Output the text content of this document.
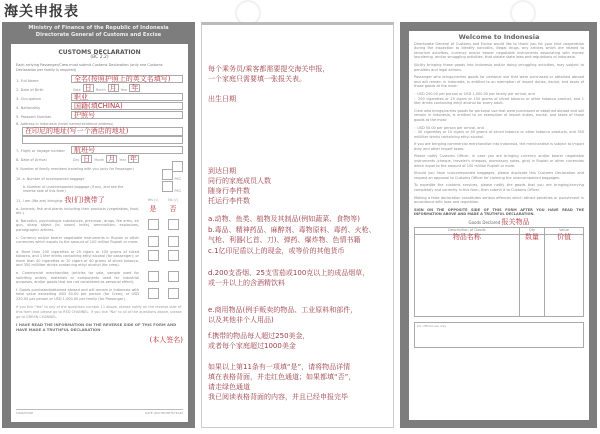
海关申报表
Ministry of Finance of the Republic of Indonesia
Directorate General of Customs and Excise
CUSTOMS DECLARATION
(BC 2.2)
Each arriving Passenger/Crew must submit Customs Declaration (only one Customs Declaration per family is required)
1. Full Name	全名(按照护照上的英文名填写)
2. Date of Birth	Date 日 Month 月 Year 年
3. Occupation	职业
4. Nationality	国籍(填CHINA)
5. Passport Number	护照号
6. Address in Indonesia (hotel name/residence address)
在印尼的地址(写一个酒店的地址)
7. Flight or Voyage number	航班号
8. Date of Arrival	Day 日 Month 月 Year 年
9. Number of family members traveling with you (only for Passenger)
10. a. Number of accompanied baggage	PKG
b. Number of unaccompanied baggage (if any, and see the reverse side of this form)	PKG
11. I am (We are) bringing: 我(们)携带了	Yes (√)	No (√)
a. Animals, fish and plants including their products (vegetables, food, etc.)
是 否
b. Narcotics, psychotropic substances, precursor, drugs, fire arms, air gun, sharp object (ie, sword, knife), ammunition, explosives, pornographic articles.
c. Currency and/or bearer negotiable instruments in Rupiah or other currencies which equals to the amount of 100 million Rupiah or more.
d. More than 200 cigarettes or 25 cigars or 100 grams of sliced tobacco, and 1 liter drinks containing ethyl alcohol (for passenger); or more than 40 cigarettes or 10 cigars or 40 grams of sliced tobacco, and 350 milliliter drinks containing ethyl alcohol (for crew).
e. Commercial merchandise (articles for sale, sample used for soliciting orders, materials or components used for industrial purposes, and/or goods that are not considered as personal effect).
f. Goods purchased/obtained abroad and will remain in Indonesia with total value exceeding USD 50.00 per person (for Crew); or USD 250.00 per person or USD 1,000.00 per family (for Passenger).
If you tick "Yes" to any of the questions number 11 above, please notify on the reverse side of this form and please go to RED CHANNEL. If you tick "No" to all of the questions above, please go to GREEN CHANNEL.
I HAVE READ THE INFORMATION ON THE REVERSE SIDE OF THIS FORM AND HAVE MADE A TRUTHFUL DECLARATION
(本人签名)
SIGNATURE	DATE (DAY/MONTH/YEAR)
每个乘务员/乘客都需要提交海关申报，
一个家庭只需要填一张报关表。
出生日期
到达日期
同行的家庭成员人数
随身行李件数
托运行李件数
a.动物、鱼类、植物及其制品(例如蔬菜、食物等)
b.毒品、精神药品、麻醉剂、毒物原料、毒药、火枪、
气枪、利器(匕首、刀)、弹药、爆炸物、色情书籍
c.1亿印尼盾以上的现金，或等价的其他货币
d.200支香烟、25支雪茄或100克以上的成品烟草，
或一升以上的含酒精饮料
e.商用物品(例手贩卖的物品、工业原料和部件，
以及其他非个人用品)
f.携带的物品每人超过250美金，
或者每个家庭超过1000美金
如果以上第11条有一项填“是”，请将物品详情
填在表格背面，并走红色通道；如果都填“否”，
请走绿色通道
我已阅读表格背面的内容，并且已经申报完毕
Welcome to Indonesia
Directorate General of Customs and Excise would like to thank you for your kind cooperation during the inspection to identify narcotics, illegal drugs, any articles which are related to terrorism activities, currency and/or bearer negotiable instruments associating with money laundering, and/or smuggling activities, that violate state laws and regulations of Indonesia.
Illicitly bringing those goods into Indonesia and/or doing smuggling activities, may subject to penalties and legal actions.
Passenger who brings/carries goods for personal use that were purchased or obtained abroad and will remain in Indonesia, is entitled to an exemption of import duties, excise, and taxes of those goods at the most:
◦ USD 250.00 per person or USD 1,000.00 per family per arrival, and
◦ 200 cigarettes or 25 cigars or 100 grams of sliced tobacco or other tobacco product, and 1 liter drinks containing ethyl alcohol for every adult.
Crew who brings/carries goods for personal use that were purchased or obtained abroad and will remain in Indonesia, is entitled to an exemption of import duties, excise, and taxes of those goods at the most:
◦ USD 50.00 per person per arrival, and
◦ 40 cigarettes or 10 cigars or 40 grams of sliced tobacco or other tobacco products, and 350 milliliter drinks containing ethyl alcohol.
If you are bringing commercial merchandise into Indonesia, the merchandise is subject to import duty and other import taxes.
Please notify Customs Officer, in case you are bringing currency and/or bearer negotiable instruments (cheque, traveler's cheques, promissory notes, giro) in Rupiah or other currencies which equal to the amount of 100 million Rupiah or more.
Should you have unaccompanied baggages, please duplicate this Customs Declaration and request an approval to Customs Officer for claiming the unaccompanied baggages.
To expedite the customs services, please notify the goods that you are bringing/carrying completely and correctly in this form, then submit it to Customs Officer.
Making a false declaration constitutes serious offences which attract penalties or punishment in accordance with laws and regulation.
SIGN ON THE OPPOSITE SIDE OF THIS FORM AFTER YOU HAVE READ THE INFORMATION ABOVE AND MADE A TRUTHFUL DECLARATION.
Goods Declared 报关物品
Description of Goods	Qty	Value
物品名称	数量	价值
For official use only
